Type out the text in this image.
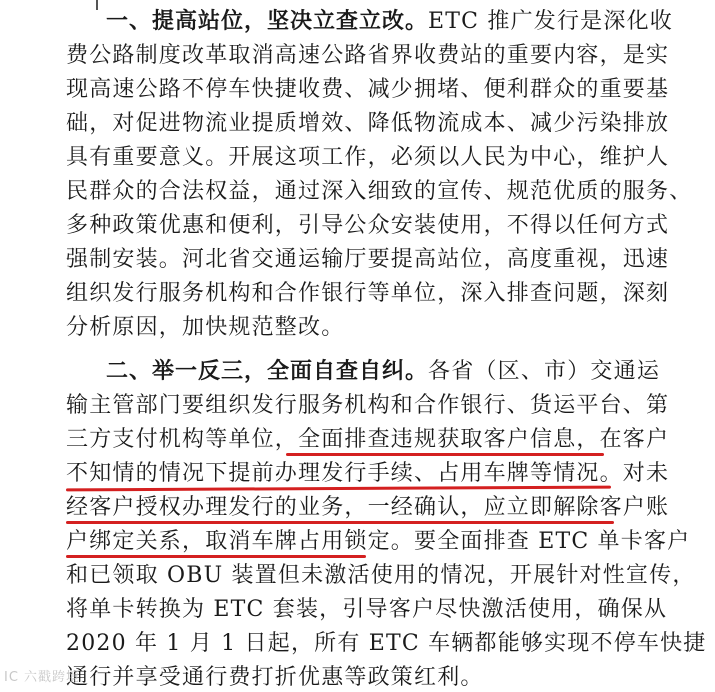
一、提高站位，坚决立查立改。ETC 推广发行是深化收
费公路制度改革取消高速公路省界收费站的重要内容，是实
现高速公路不停车快捷收费、减少拥堵、便利群众的重要基
础，对促进物流业提质增效、降低物流成本、减少污染排放
具有重要意义。开展这项工作，必须以人民为中心，维护人
民群众的合法权益，通过深入细致的宣传、规范优质的服务、
多种政策优惠和便利，引导公众安装使用，不得以任何方式
强制安装。河北省交通运输厅要提高站位，高度重视，迅速
组织发行服务机构和合作银行等单位，深入排查问题，深刻
分析原因，加快规范整改。
二、举一反三，全面自查自纠。各省（区、市）交通运
输主管部门要组织发行服务机构和合作银行、货运平台、第
三方支付机构等单位，全面排查违规获取客户信息，在客户
不知情的情况下提前办理发行手续、占用车牌等情况。对未
经客户授权办理发行的业务，一经确认，应立即解除客户账
户绑定关系，取消车牌占用锁定。要全面排查 ETC 单卡客户
和已领取 OBU 装置但未激活使用的情况，开展针对性宣传，
将单卡转换为 ETC 套装，引导客户尽快激活使用，确保从
2020 年 1 月 1 日起，所有 ETC 车辆都能够实现不停车快捷
通行并享受通行费打折优惠等政策红利。
IC 六戳跨境
